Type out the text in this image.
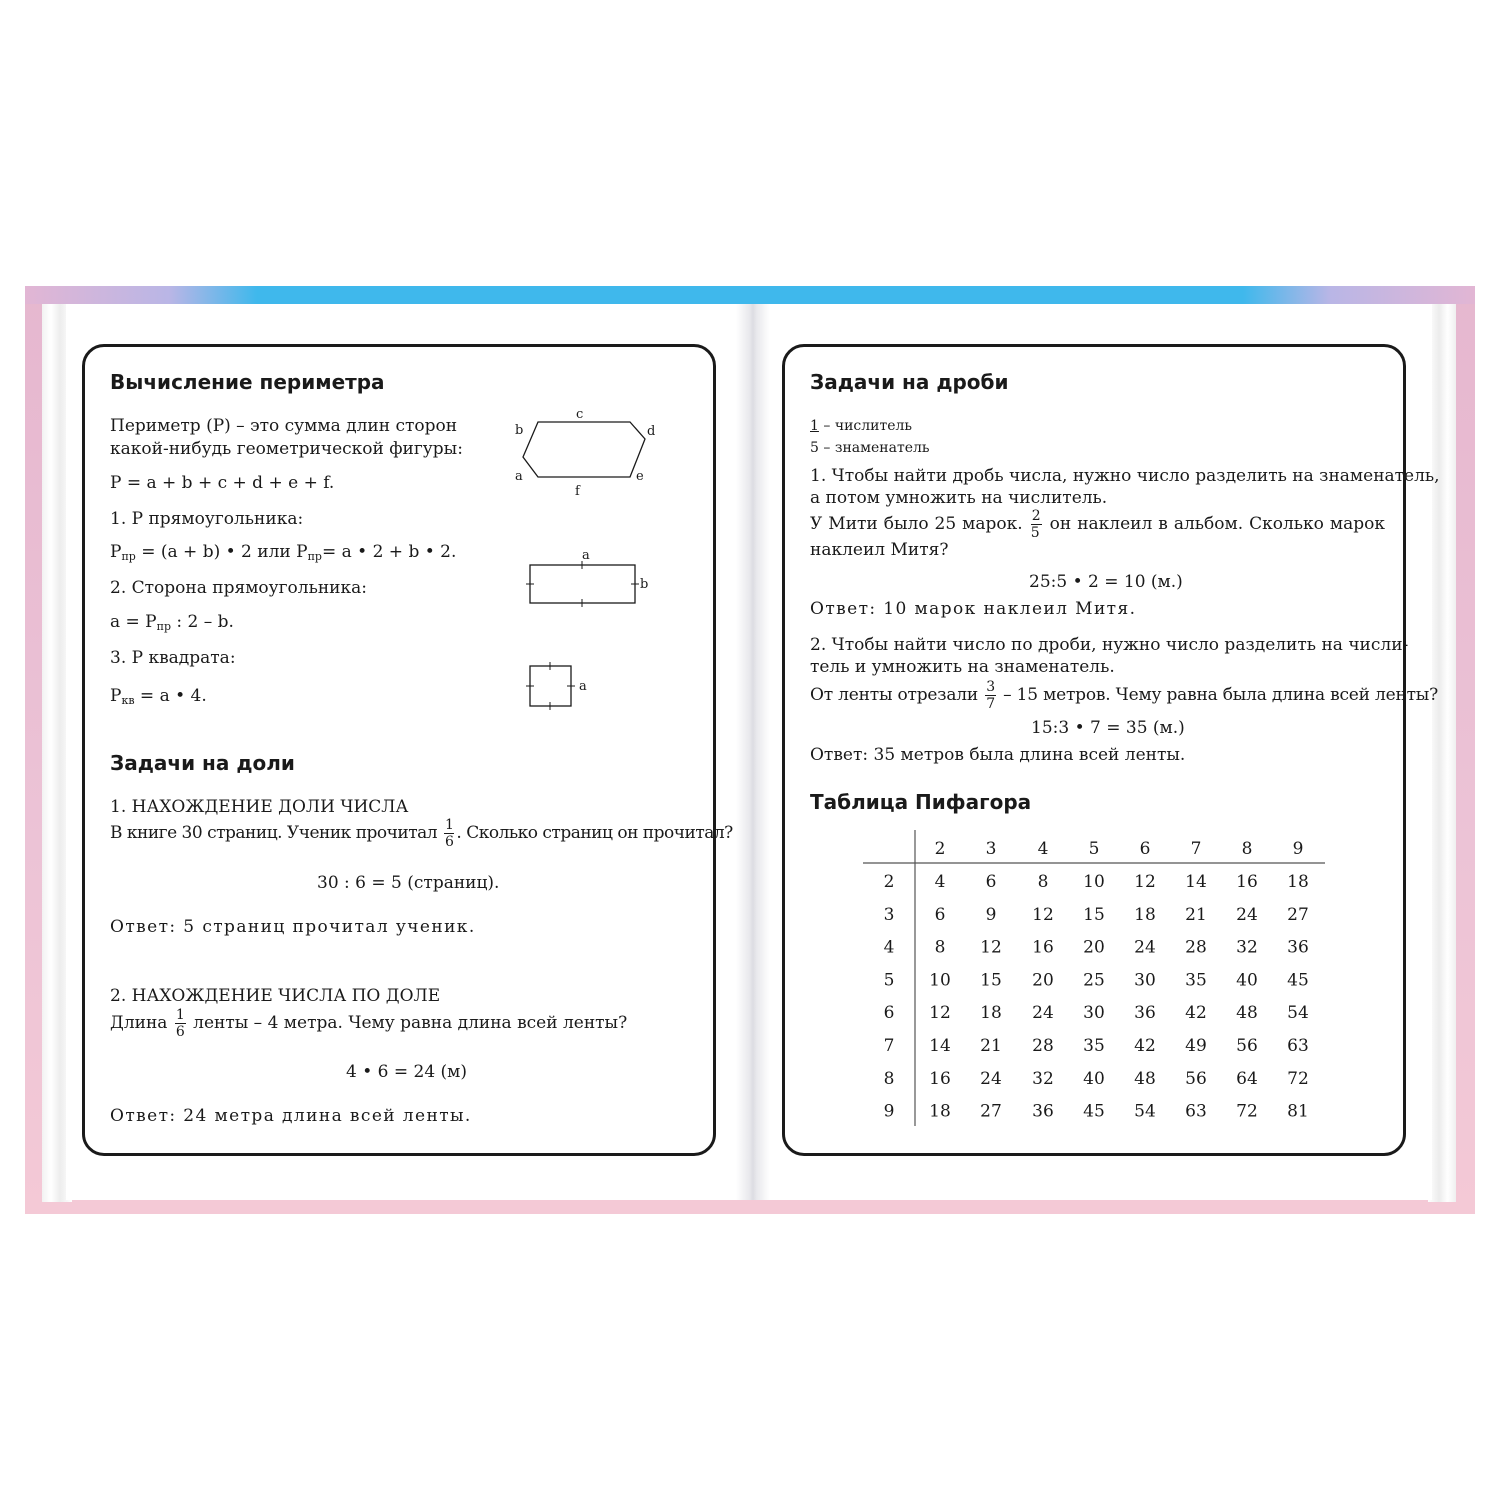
Вычисление периметра
Периметр (Р) – это сумма длин сторон
какой-нибудь геометрической фигуры:
Р = a + b + c + d + e + f.
1. Р прямоугольника:
$P_{пр} = (a + b)$ • 2 или $P_{пр}= a$ • 2 + b • 2.
2. Сторона прямоугольника:
$a = P_{пр}$ : 2 – b.
3. Р квадрата:
$P_{кв} = a$ • 4.
c
b	d
a	e
f
a
b
a
Задачи на доли
1. НАХОЖДЕНИЕ ДОЛИ ЧИСЛА
В книге 30 страниц. Ученик прочитал $\frac{1}{6}$ . Сколько страниц он прочитал?
30 : 6 = 5 (страниц).
Ответ: 5 страниц прочитал ученик.
2. НАХОЖДЕНИЕ ЧИСЛА ПО ДОЛЕ
Длина $\frac{1}{6}$ ленты – 4 метра. Чему равна длина всей ленты?
4 • 6 = 24 (м)
Ответ: 24 метра длина всей ленты.
Задачи на дроби
1 – числитель
5 – знаменатель
1. Чтобы найти дробь числа, нужно число разделить на знаменатель,
а потом умножить на числитель.
У Мити было 25 марок. $\frac{2}{5}$ он наклеил в альбом. Сколько марок
наклеил Митя?
25:5 • 2 = 10 (м.)
Ответ: 10 марок наклеил Митя.
2. Чтобы найти число по дроби, нужно число разделить на числи-
тель и умножить на знаменатель.
От ленты отрезали $\frac{3}{7} - 15$ метров. Чему равна была длина всей ленты?
15:3 • 7 = 35 (м.)
Ответ: 35 метров была длина всей ленты.
Таблица Пифагора
2 3 4 5 6 7 8 9
2 4 6 8 10 12 14 16 18
3 6 9 12 15 18 21 24 27
4 8 12 16 20 24 28 32 36
5 10 15 20 25 30 35 40 45
6 12 18 24 30 36 42 48 54
7 14 21 28 35 42 49 56 63
8 16 24 32 40 48 56 64 72
9 18 27 36 45 54 63 72 81
